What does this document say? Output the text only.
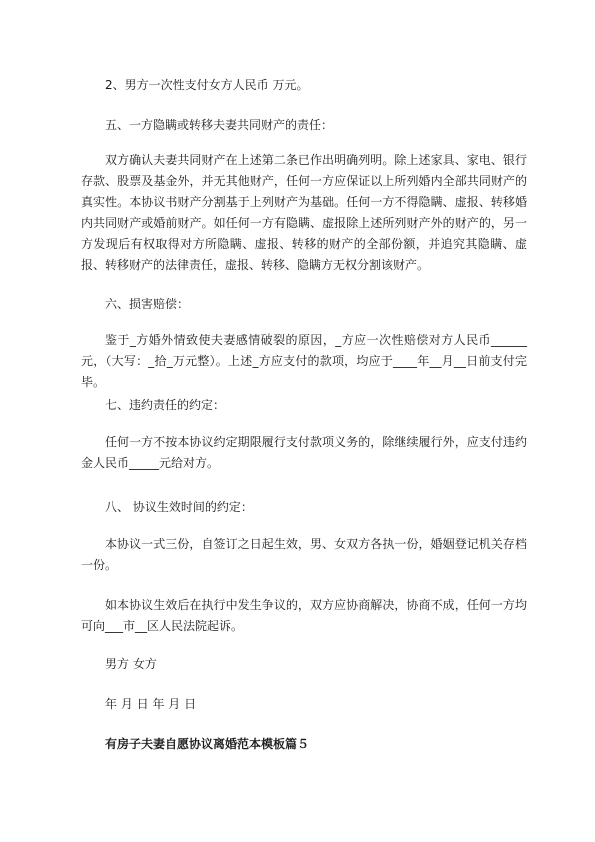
2、男方一次性支付女方人民币 万元。
五、一方隐瞒或转移夫妻共同财产的责任：
双方确认夫妻共同财产在上述第二条已作出明确列明。除上述家具、家电、银行存款、股票及基金外，并无其他财产，任何一方应保证以上所列婚内全部共同财产的真实性。本协议书财产分割基于上列财产为基础。任何一方不得隐瞒、虚报、转移婚内共同财产或婚前财产。如任何一方有隐瞒、虚报除上述所列财产外的财产的，另一方发现后有权取得对方所隐瞒、虚报、转移的财产的全部份额，并追究其隐瞒、虚报、转移财产的法律责任，虚报、转移、隐瞒方无权分割该财产。
六、损害赔偿：
鉴于_方婚外情致使夫妻感情破裂的原因，_方应一次性赔偿对方人民币______元，（大写：_拾_万元整）。上述_方应支付的款项，均应于____年__月__日前支付完毕。
七、违约责任的约定：
任何一方不按本协议约定期限履行支付款项义务的，除继续履行外，应支付违约金人民币_____元给对方。
八、 协议生效时间的约定：
本协议一式三份，自签订之日起生效，男、女双方各执一份，婚姻登记机关存档一份。
如本协议生效后在执行中发生争议的，双方应协商解决，协商不成，任何一方均可向___市__区人民法院起诉。
男方 女方
年 月 日 年 月 日
有房子夫妻自愿协议离婚范本模板篇５
